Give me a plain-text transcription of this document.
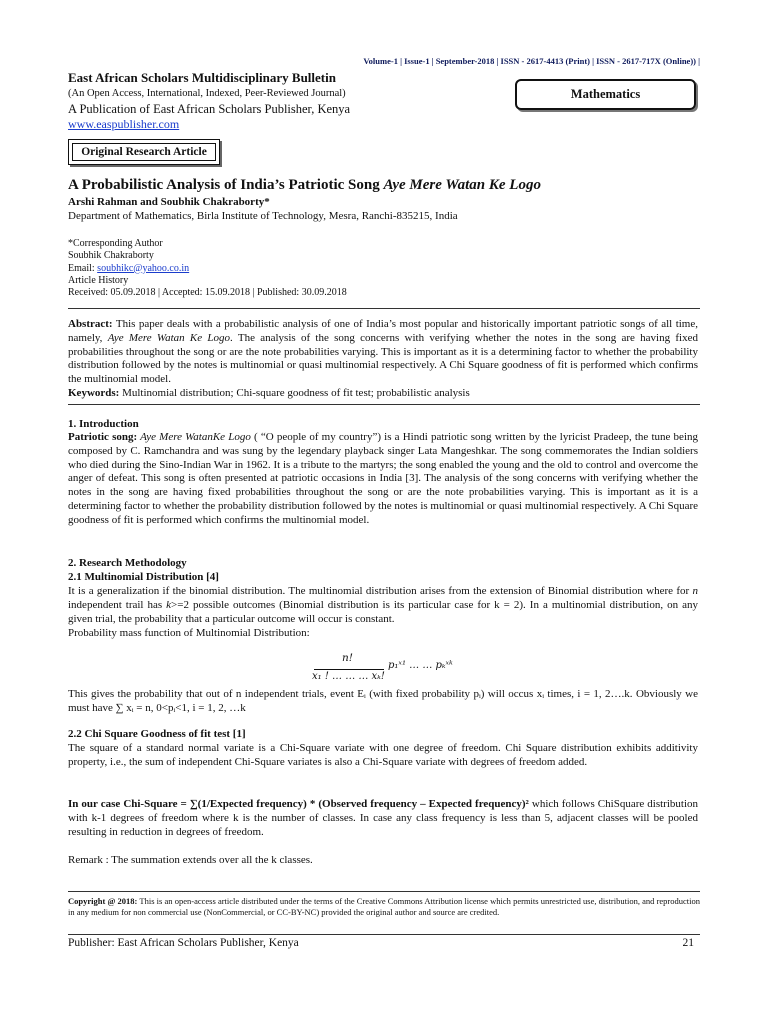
Volume-1 | Issue-1 | September-2018 | ISSN - 2617-4413 (Print) | ISSN - 2617-717X (Online)) |
East African Scholars Multidisciplinary Bulletin
(An Open Access, International, Indexed, Peer-Reviewed Journal)
A Publication of East African Scholars Publisher, Kenya
www.easpublisher.com
Mathematics
Original Research Article
A Probabilistic Analysis of India’s Patriotic Song Aye Mere Watan Ke Logo
Arshi Rahman and Soubhik Chakraborty*
Department of Mathematics, Birla Institute of Technology, Mesra, Ranchi-835215, India
*Corresponding Author
Soubhik Chakraborty
Email: soubhikc@yahoo.co.in
Article History
Received: 05.09.2018 | Accepted: 15.09.2018 | Published: 30.09.2018
Abstract: This paper deals with a probabilistic analysis of one of India’s most popular and historically important patriotic songs of all time, namely, Aye Mere Watan Ke Logo. The analysis of the song concerns with verifying whether the notes in the song are having fixed probabilities throughout the song or are the note probabilities varying. This is important as it is a determining factor to whether the probability distribution followed by the notes is multinomial or quasi multinomial respectively. A Chi Square goodness of fit is performed which confirms the multinomial model.
Keywords: Multinomial distribution; Chi-square goodness of fit test; probabilistic analysis
1. Introduction
Patriotic song: Aye Mere WatanKe Logo ( “O people of my country”) is a Hindi patriotic song written by the lyricist Pradeep, the tune being composed by C. Ramchandra and was sung by the legendary playback singer Lata Mangeshkar. The song commemorates the Indian soldiers who died during the Sino-Indian War in 1962. It is a tribute to the martyrs; the song enabled the young and the old to control and overcome the anger of defeat. This song is often presented at patriotic occasions in India [3]. The analysis of the song concerns with verifying whether the notes in the song are having fixed probabilities throughout the song or are the note probabilities varying. This is important as it is a determining factor to whether the probability distribution followed by the notes is multinomial or quasi multinomial respectively. A Chi Square goodness of fit is performed which confirms the multinomial model.
2. Research Methodology
2.1 Multinomial Distribution [4]
It is a generalization if the binomial distribution. The multinomial distribution arises from the extension of Binomial distribution where for n independent trail has k>=2 possible outcomes (Binomial distribution is its particular case for k = 2). In a multinomial distribution, on any given trial, the probability that a particular outcome will occur is constant.
Probability mass function of Multinomial Distribution:
n!
x₁ ! … … … xₖ!
p₁ˣ¹ … … pₖˣᵏ
This gives the probability that out of n independent trials, event Eᵢ (with fixed probability pᵢ) will occus xᵢ times, i = 1, 2….k. Obviously we must have ∑ xᵢ = n, 0<pᵢ<1, i = 1, 2, …k
2.2 Chi Square Goodness of fit test [1]
The square of a standard normal variate is a Chi-Square variate with one degree of freedom. Chi Square distribution exhibits additivity property, i.e., the sum of independent Chi-Square variates is also a Chi-Square variate with degrees of freedom added.
In our case Chi-Square = ∑(1/Expected frequency) * (Observed frequency – Expected frequency)² which follows ChiSquare distribution with k-1 degrees of freedom where k is the number of classes. In case any class frequency is less than 5, adjacent classes will be pooled resulting in reduction in degrees of freedom.
Remark : The summation extends over all the k classes.
Copyright @ 2018: This is an open-access article distributed under the terms of the Creative Commons Attribution license which permits unrestricted use, distribution, and reproduction in any medium for non commercial use (NonCommercial, or CC-BY-NC) provided the original author and source are credited.
Publisher: East African Scholars Publisher, Kenya	21
